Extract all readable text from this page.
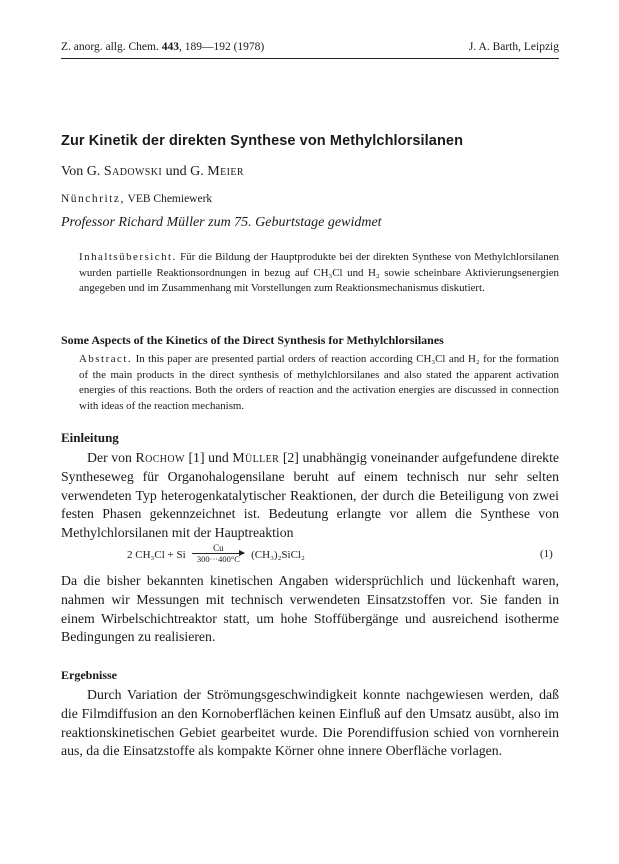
Z. anorg. allg. Chem. 443, 189—192 (1978)	J. A. Barth, Leipzig
Zur Kinetik der direkten Synthese von Methylchlorsilanen
Von G. Sadowski und G. Meier
Nünchritz, VEB Chemiewerk
Professor Richard Müller zum 75. Geburtstage gewidmet
Inhaltsübersicht. Für die Bildung der Hauptprodukte bei der direkten Synthese von Methylchlorsilanen wurden partielle Reaktionsordnungen in bezug auf CH₃Cl und H₂ sowie scheinbare Aktivierungsenergien angegeben und im Zusammenhang mit Vorstellungen zum Reaktionsmechanismus diskutiert.
Some Aspects of the Kinetics of the Direct Synthesis for Methylchlorsilanes
Abstract. In this paper are presented partial orders of reaction according CH₃Cl and H₂ for the formation of the main products in the direct synthesis of methylchlorsilanes and also stated the apparent activation energies of this reactions. Both the orders of reaction and the activation energies are discussed in connection with ideas of the reaction mechanism.
Einleitung

Der von Rochow [1] und Müller [2] unabhängig voneinander aufgefundene direkte Syntheseweg für Organohalogensilane beruht auf einem technisch nur sehr selten verwendeten Typ heterogenkatalytischer Reaktionen, der durch die Beteiligung von zwei festen Phasen gekennzeichnet ist. Bedeutung erlangte vor allem die Synthese von Methylchlorsilanen mit der Hauptreaktion

2 CH₃Cl + Si $\frac{Cu}{300\cdot\cdot\cdot 400^\circ C}$ (CH₃)₂SiCl₂	(1)

Da die bisher bekannten kinetischen Angaben widersprüchlich und lückenhaft waren, nahmen wir Messungen mit technisch verwendeten Einsatzstoffen vor. Sie fanden in einem Wirbelschichtreaktor statt, um hohe Stoffübergänge und ausreichend isotherme Bedingungen zu realisieren.

Ergebnisse

Durch Variation der Strömungsgeschwindigkeit konnte nachgewiesen werden, daß die Filmdiffusion an den Kornoberflächen keinen Einfluß auf den Umsatz ausübt, also im reaktionskinetischen Gebiet gearbeitet wurde. Die Porendiffusion schied von vornherein aus, da die Einsatzstoffe als kompakte Körner ohne innere Oberfläche vorlagen.
